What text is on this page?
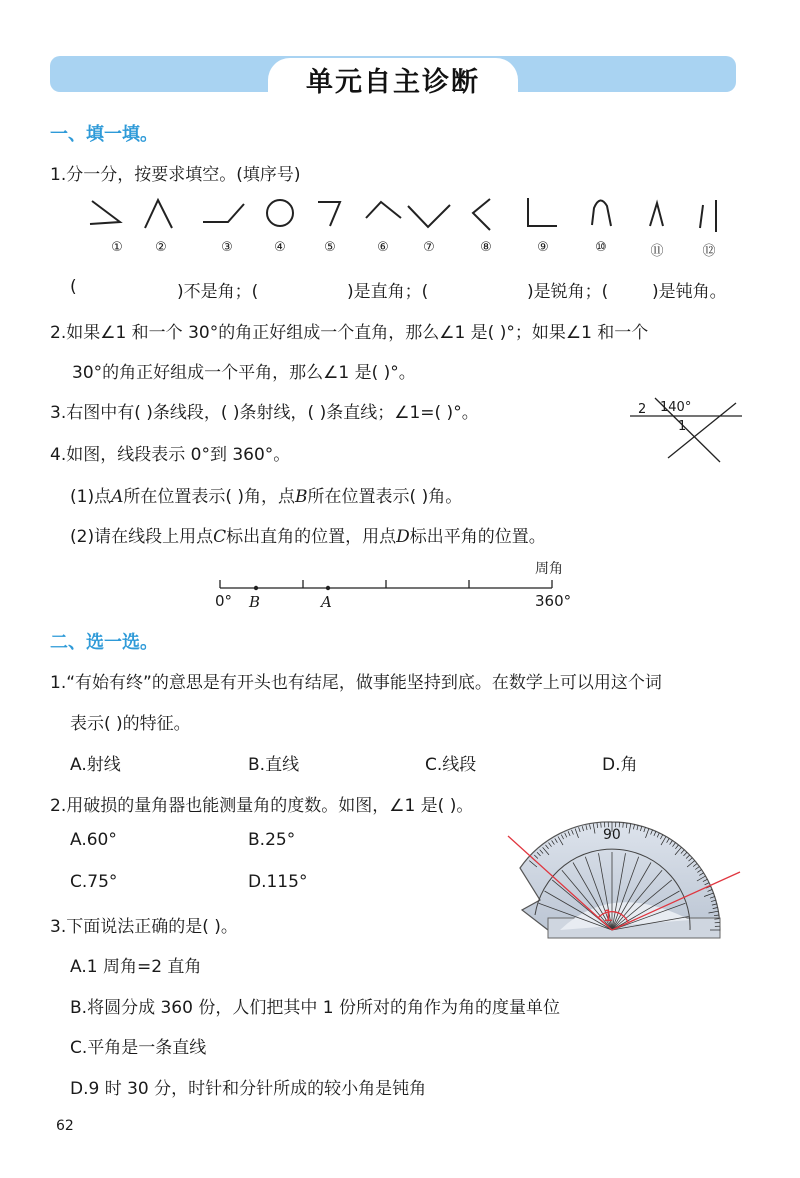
单元自主诊断
一、填一填。
1.分一分，按要求填空。(填序号)
①	②	③	④	⑤	⑥	⑦	⑧	⑨	⑩	⑪	⑫
(	)不是角；(	)是直角；(	)是锐角；(	)是钝角。
2.如果∠1 和一个 30°的角正好组成一个直角，那么∠1 是( )°；如果∠1 和一个
30°的角正好组成一个平角，那么∠1 是( )°。
3.右图中有( )条线段，( )条射线，( )条直线；∠1=( )°。	2 140°
1
4.如图，线段表示 0°到 360°。
(1)点A所在位置表示( )角，点B所在位置表示( )角。
(2)请在线段上用点C标出直角的位置，用点D标出平角的位置。
周角
0° B	A	360°
二、选一选。
1.“有始有终”的意思是有开头也有结尾，做事能坚持到底。在数学上可以用这个词
表示( )的特征。
A.射线	B.直线	C.线段	D.角
2.用破损的量角器也能测量角的度数。如图，∠1 是( )。
A.60°	B.25°
C.75°	D.115°
90
1
3.下面说法正确的是( )。
A.1 周角=2 直角
B.将圆分成 360 份，人们把其中 1 份所对的角作为角的度量单位
C.平角是一条直线
D.9 时 30 分，时针和分针所成的较小角是钝角
62
